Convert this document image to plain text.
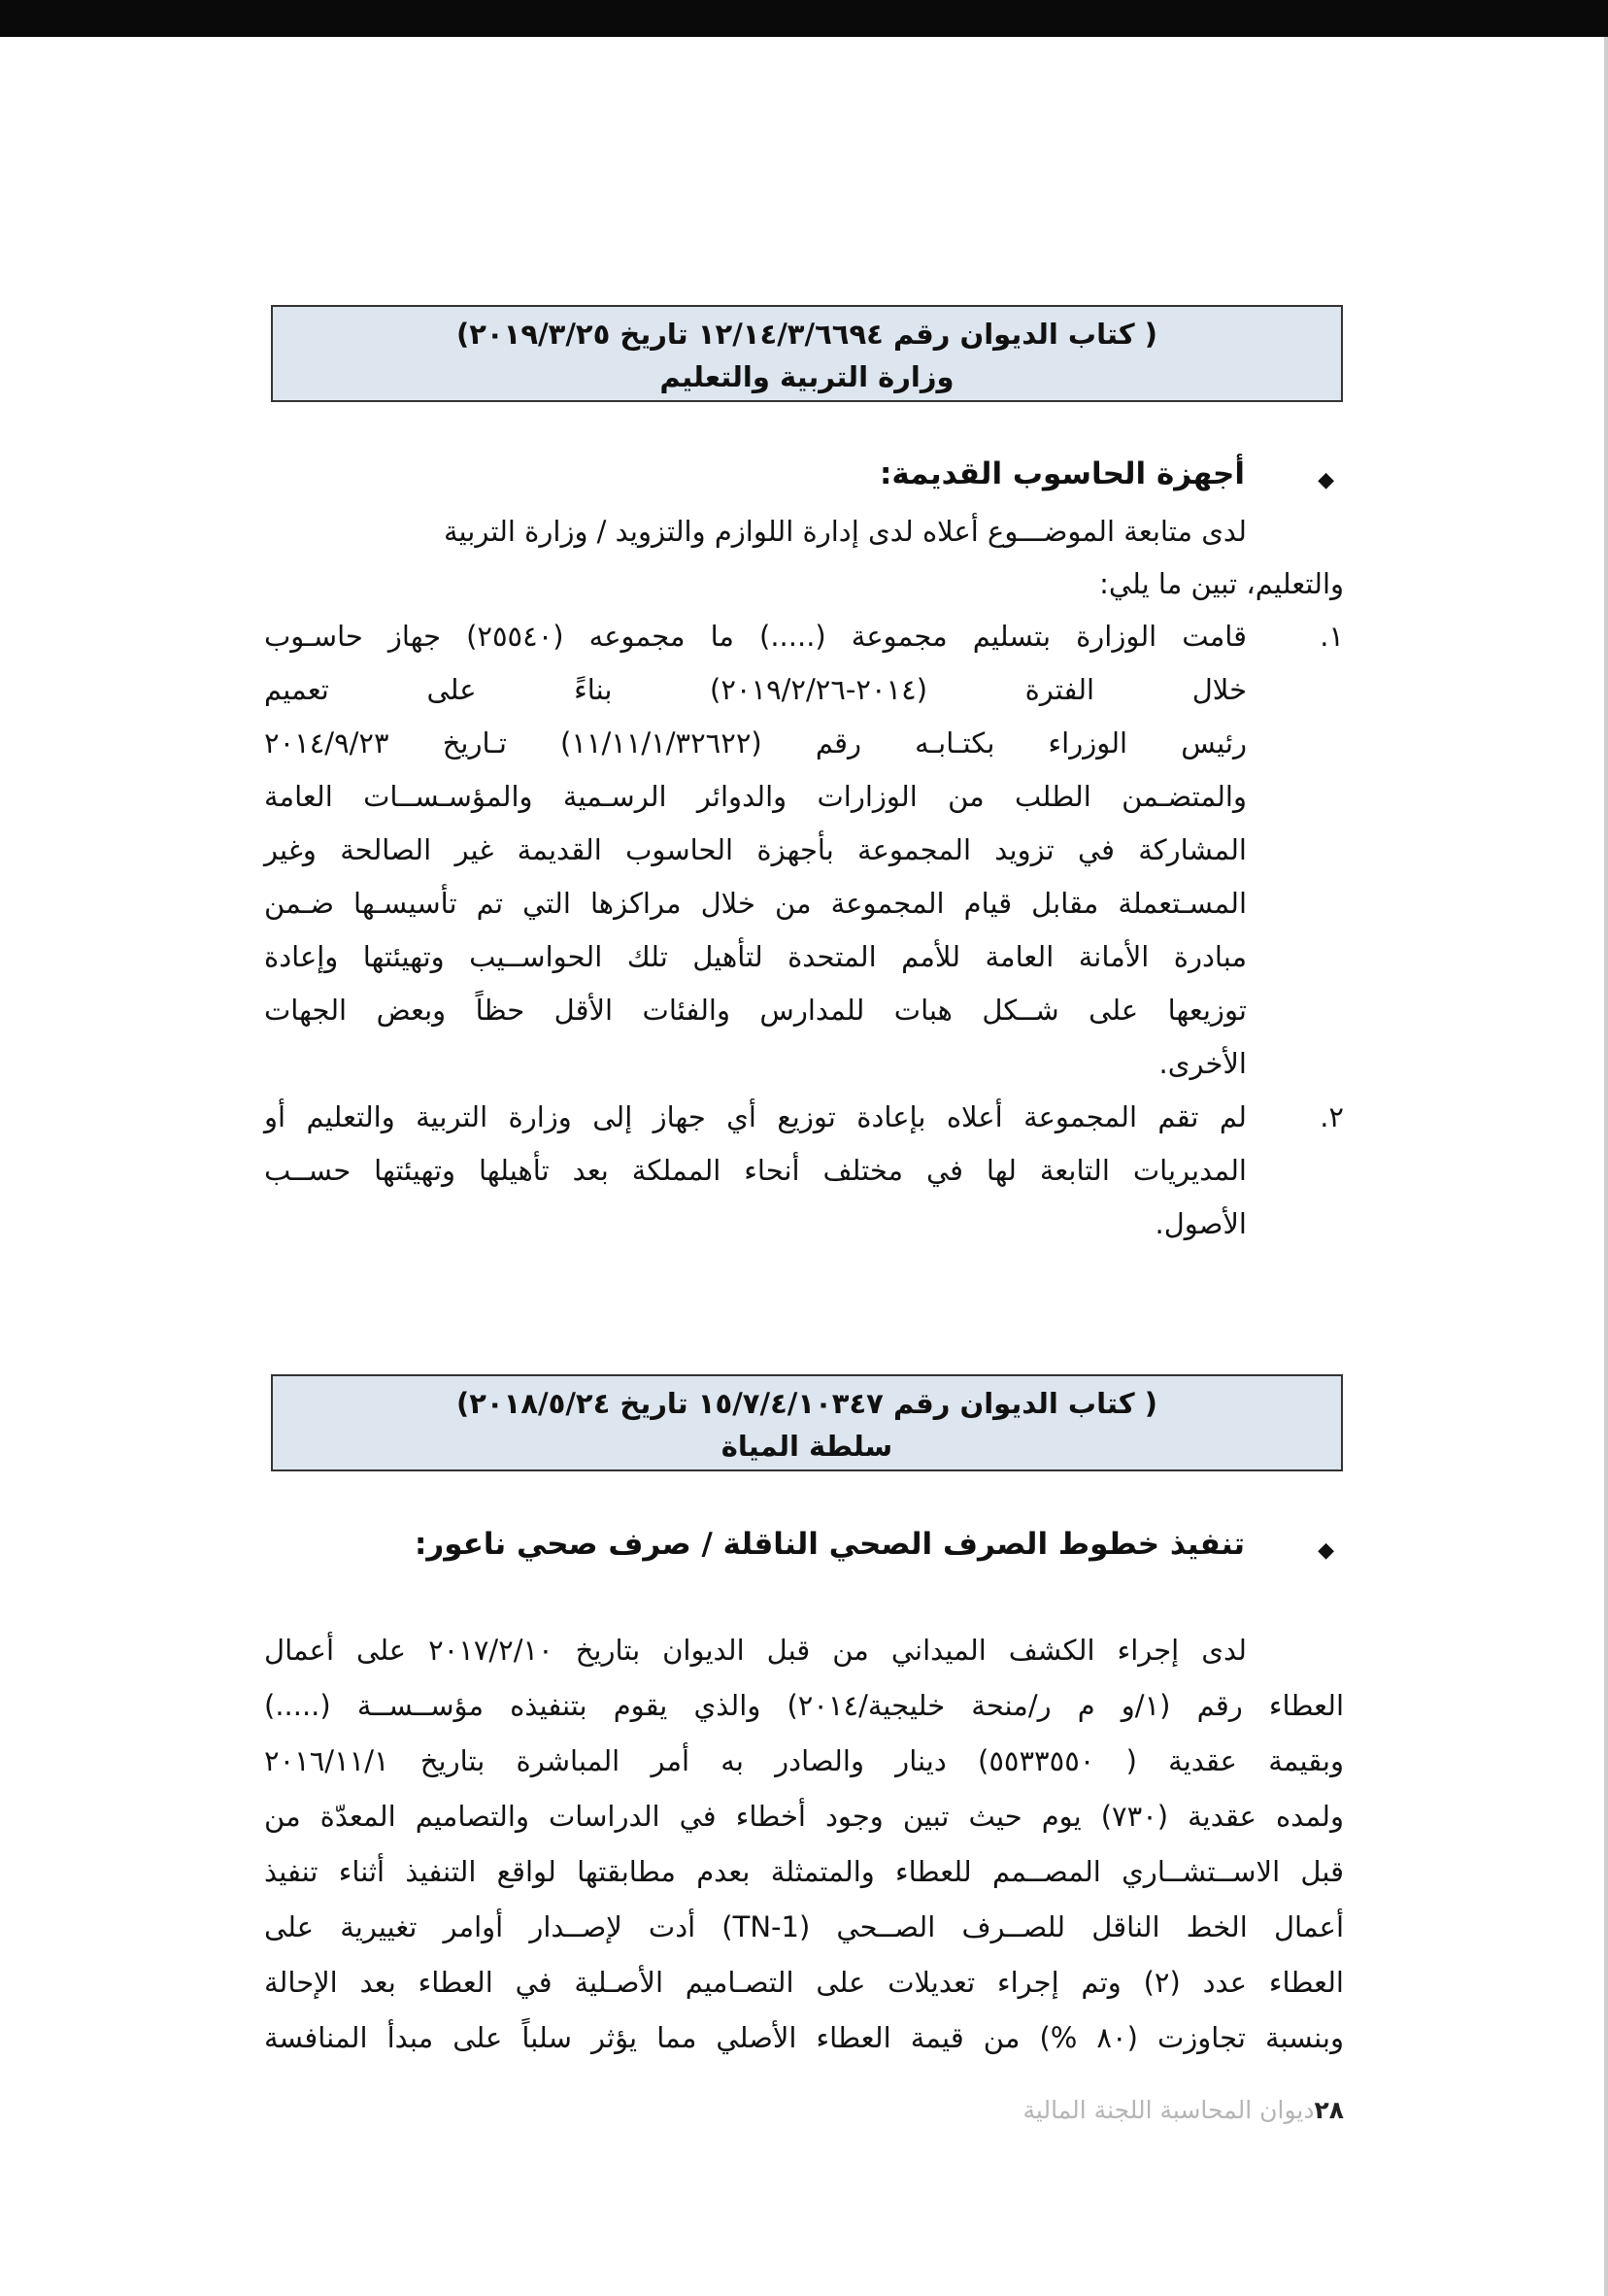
( كتاب الديوان رقم ١٢/١٤/٣/٦٦٩٤ تاريخ ٢٠١٩/٣/٢٥)
وزارة التربية والتعليم
◆
أجهزة الحاسوب القديمة:
لدى متابعة الموضـــوع أعلاه لدى إدارة اللوازم والتزويد / وزارة التربية
والتعليم، تبين ما يلي:
١.
قامت الوزارة بتسليم مجموعة (.....) ما مجموعه (٢٥٥٤٠) جهاز حاسـوب
خلال الفترة (٢٠١٤-٢٠١٩/٢/٢٦) بناءً على تعميم
رئيس الوزراء بكتـابـه رقم (١١/١١/١/٣٢٦٢٢) تـاريخ ٢٠١٤/٩/٢٣
والمتضـمن الطلب من الوزارات والدوائر الرسـمية والمؤسـســات العامة
المشاركة في تزويد المجموعة بأجهزة الحاسوب القديمة غير الصالحة وغير
المسـتعملة مقابل قيام المجموعة من خلال مراكزها التي تم تأسيسـها ضـمن
مبادرة الأمانة العامة للأمم المتحدة لتأهيل تلك الحواســيب وتهيئتها وإعادة
توزيعها على شــكل هبات للمدارس والفئات الأقل حظاً وبعض الجهات
الأخرى.
٢.
لم تقم المجموعة أعلاه بإعادة توزيع أي جهاز إلى وزارة التربية والتعليم أو
المديريات التابعة لها في مختلف أنحاء المملكة بعد تأهيلها وتهيئتها حســب
الأصول.
( كتاب الديوان رقم ١٥/٧/٤/١٠٣٤٧ تاريخ ٢٠١٨/٥/٢٤)
سلطة المياة
◆
تنفيذ خطوط الصرف الصحي الناقلة / صرف صحي ناعور:
لدى إجراء الكشف الميداني من قبل الديوان بتاريخ ٢٠١٧/٢/١٠ على أعمال
العطاء رقم (١/و م ر/منحة خليجية/٢٠١٤) والذي يقوم بتنفيذه مؤســســة (.....)
وبقيمة عقدية ( ٥٥٣٣٥٥٠) دينار والصادر به أمر المباشرة بتاريخ ٢٠١٦/١١/١
ولمده عقدية (٧٣٠) يوم حيث تبين وجود أخطاء في الدراسات والتصاميم المعدّة من
قبل الاســتشــاري المصــمم للعطاء والمتمثلة بعدم مطابقتها لواقع التنفيذ أثناء تنفيذ
أعمال الخط الناقل للصــرف الصــحي (TN-1) أدت لإصــدار أوامر تغييرية على
العطاء عدد (٢) وتم إجراء تعديلات على التصـاميم الأصـلية في العطاء بعد الإحالة
وبنسبة تجاوزت (٨٠ %) من قيمة العطاء الأصلي مما يؤثر سلباً على مبدأ المنافسة
٢٨ديوان المحاسبة اللجنة المالية
